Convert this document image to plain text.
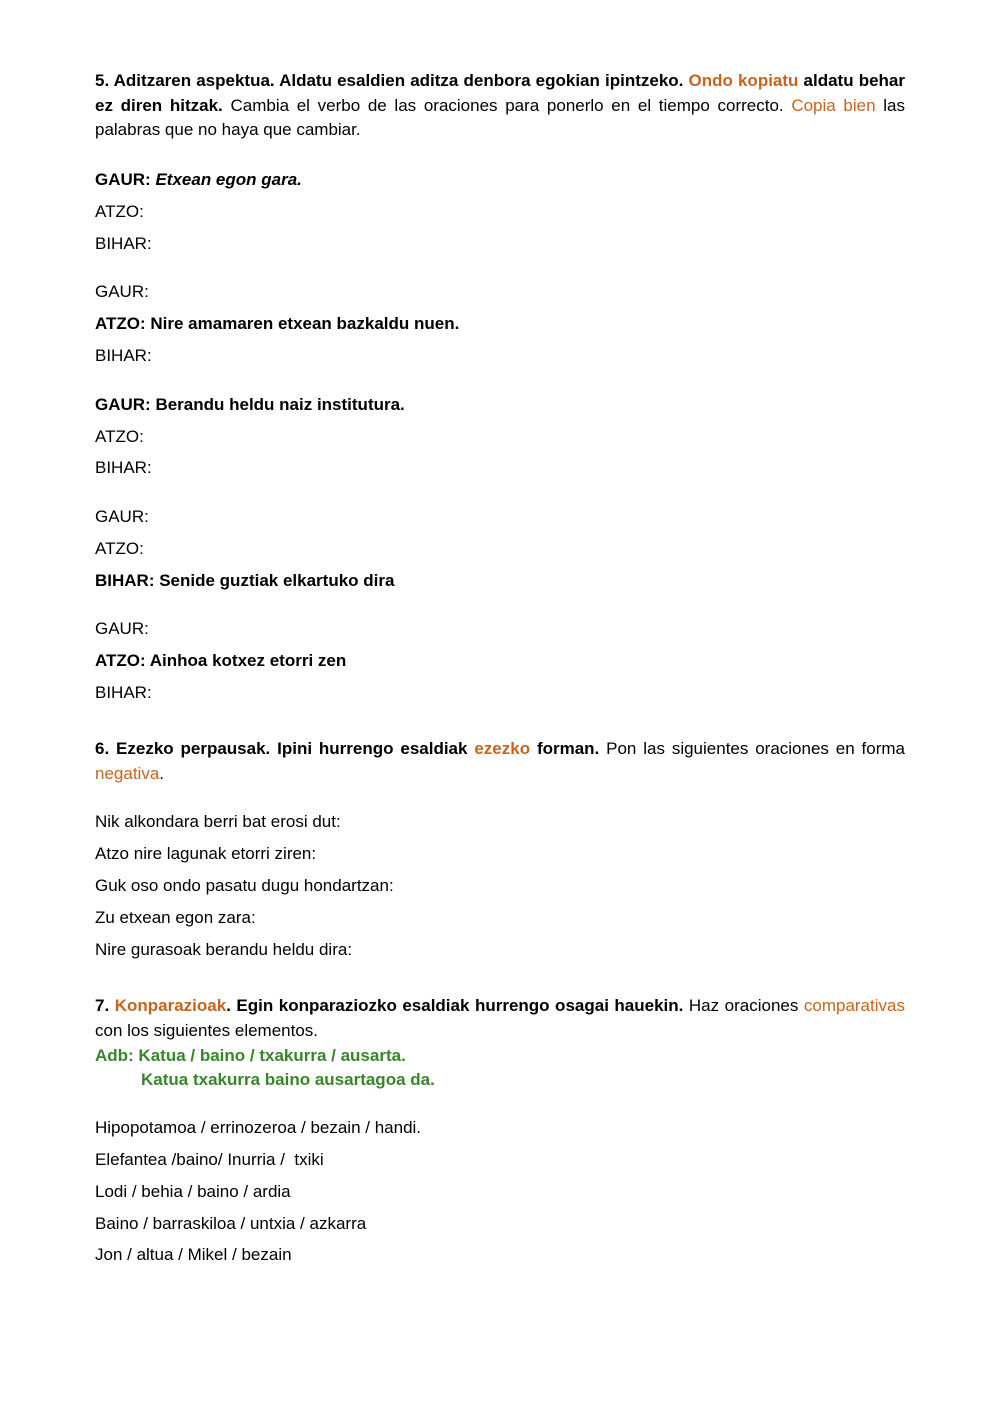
5. Aditzaren aspektua. Aldatu esaldien aditza denbora egokian ipintzeko. Ondo kopiatu aldatu behar ez diren hitzak. Cambia el verbo de las oraciones para ponerlo en el tiempo correcto. Copia bien las palabras que no haya que cambiar.
GAUR: Etxean egon gara.
ATZO:
BIHAR:
GAUR:
ATZO: Nire amamaren etxean bazkaldu nuen.
BIHAR:
GAUR: Berandu heldu naiz institutura.
ATZO:
BIHAR:
GAUR:
ATZO:
BIHAR: Senide guztiak elkartuko dira
GAUR:
ATZO: Ainhoa kotxez etorri zen
BIHAR:
6. Ezezko perpausak. Ipini hurrengo esaldiak ezezko forman. Pon las siguientes oraciones en forma negativa.
Nik alkondara berri bat erosi dut:
Atzo nire lagunak etorri ziren:
Guk oso ondo pasatu dugu hondartzan:
Zu etxean egon zara:
Nire gurasoak berandu heldu dira:
7. Konparazioak. Egin konparaziozko esaldiak hurrengo osagai hauekin. Haz oraciones comparativas con los siguientes elementos.
Adb: Katua / baino / txakurra / ausarta.
Katua txakurra baino ausartagoa da.
Hipopotamoa / errinozeroa / bezain / handi.
Elefantea /baino/ Inurria /  txiki
Lodi / behia / baino / ardia
Baino / barraskiloa / untxia / azkarra
Jon / altua / Mikel / bezain
